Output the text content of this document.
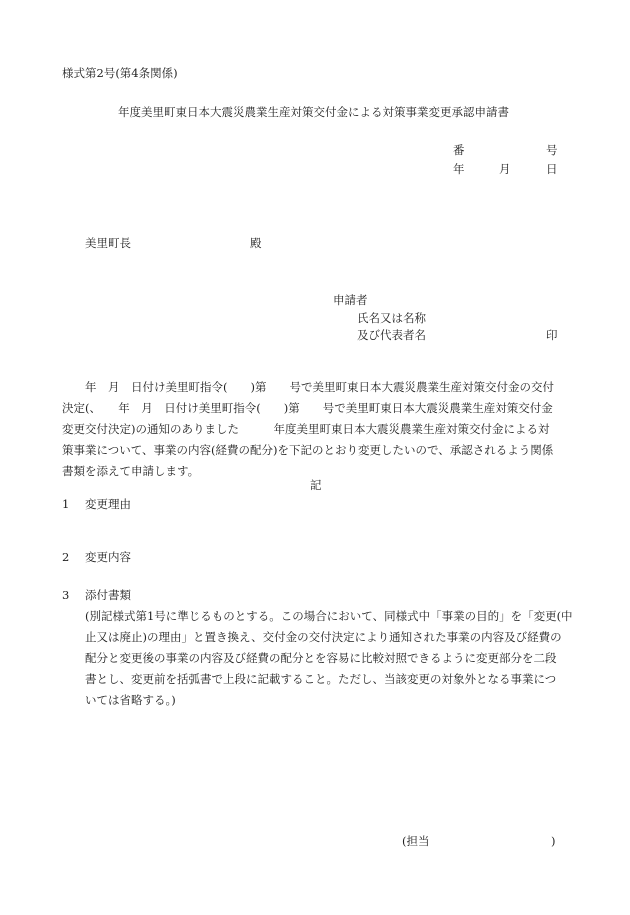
様式第2号(第4条関係)
年度美里町東日本大震災農業生産対策交付金による対策事業変更承認申請書
番	号
年	月	日
美里町長	殿
申請者
氏名又は名称
及び代表者名	印
　　年　月　日付け美里町指令(　　)第　　号で美里町東日本大震災農業生産対策交付金の交付
決定(、　　年　月　日付け美里町指令(　　)第　　号で美里町東日本大震災農業生産対策交付金
変更交付決定)の通知のありました　　　年度美里町東日本大震災農業生産対策交付金による対
策事業について、事業の内容(経費の配分)を下記のとおり変更したいので、承認されるよう関係
書類を添えて申請します。
記
1 変更理由
2 変更内容
3 添付書類
(別記様式第1号に準じるものとする。この場合において、同様式中「事業の目的」を「変更(中
止又は廃止)の理由」と置き換え、交付金の交付決定により通知された事業の内容及び経費の
配分と変更後の事業の内容及び経費の配分とを容易に比較対照できるように変更部分を二段
書とし、変更前を括弧書で上段に記載すること。ただし、当該変更の対象外となる事業につ
いては省略する。)
(担当	)
